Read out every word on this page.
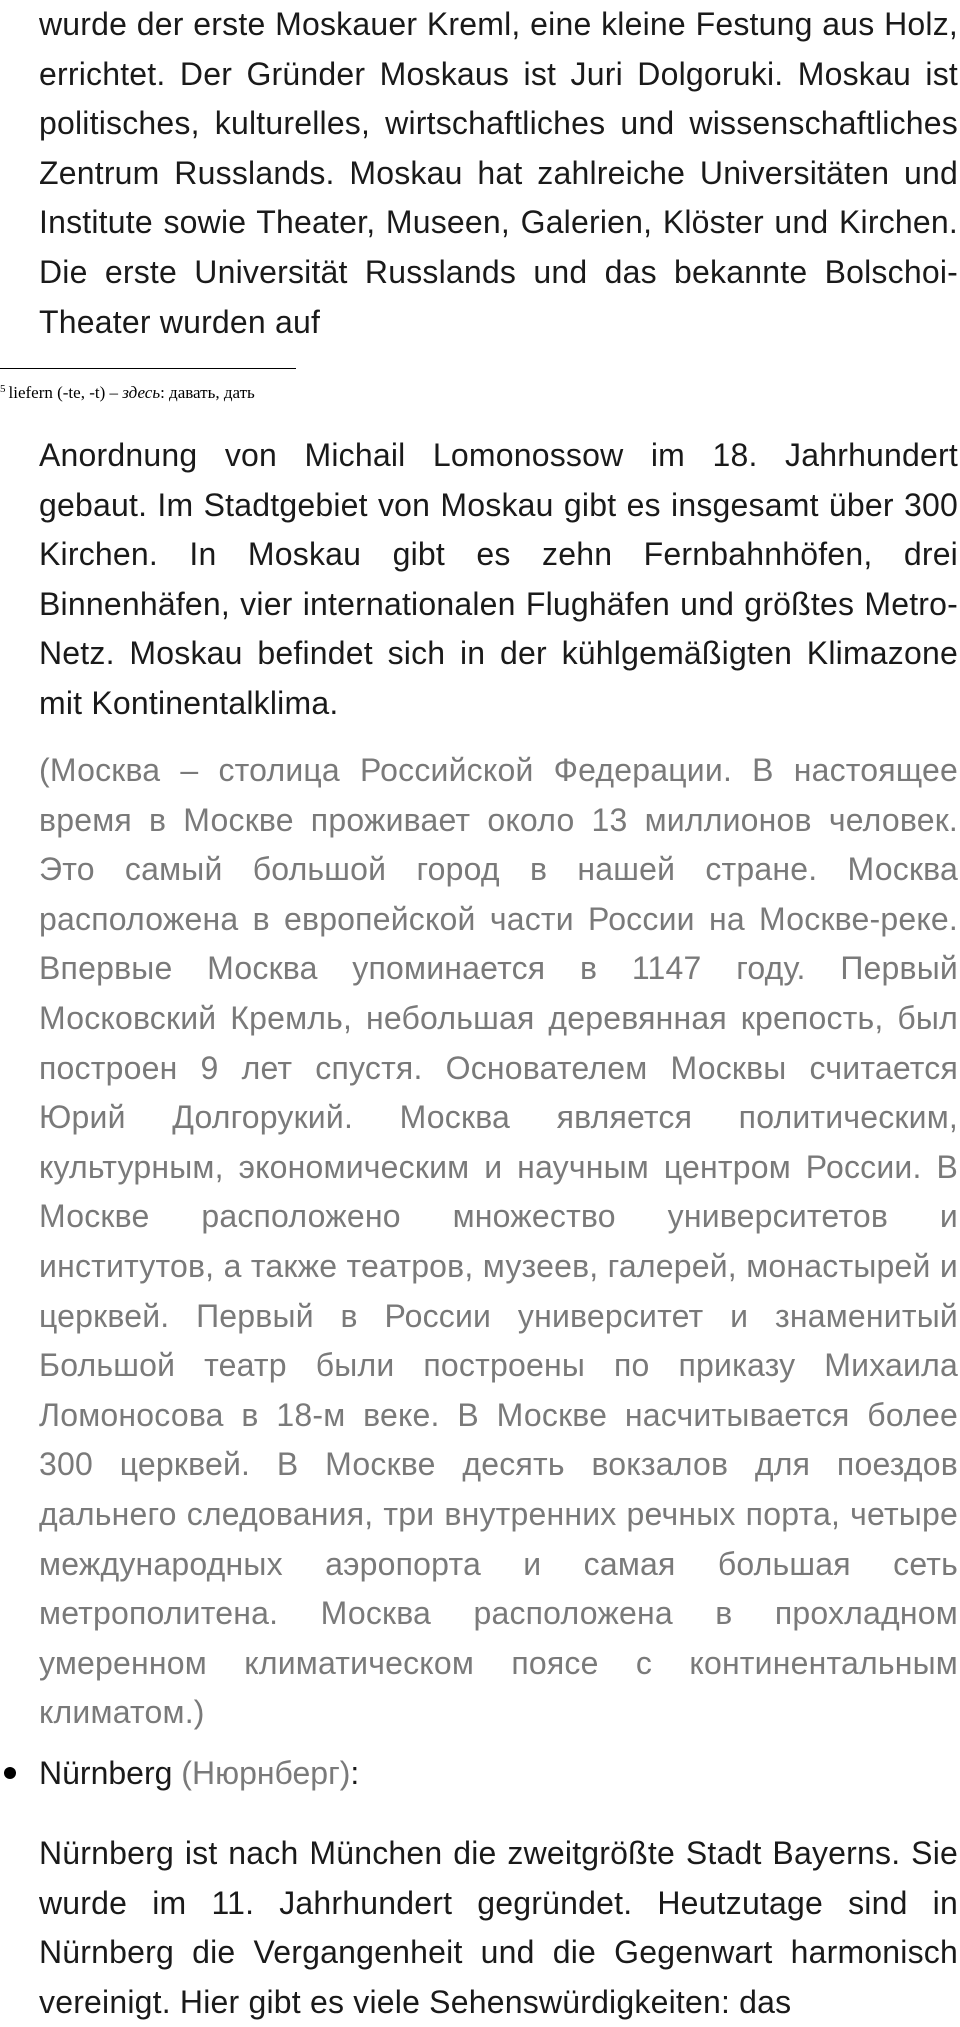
wurde der erste Moskauer Kreml, eine kleine Festung aus Holz, errichtet. Der Gründer Moskaus ist Juri Dolgoruki. Moskau ist politisches, kulturelles, wirtschaftliches und wissenschaftliches Zentrum Russlands. Moskau hat zahlreiche Universitäten und Institute sowie Theater, Museen, Galerien, Klöster und Kirchen. Die erste Universität Russlands und das bekannte Bolschoi-Theater wurden auf

$^5$ liefern (-te, -t) – здесь: давать, дать

Anordnung von Michail Lomonossow im 18. Jahrhundert gebaut. Im Stadtgebiet von Moskau gibt es insgesamt über 300 Kirchen. In Moskau gibt es zehn Fernbahnhöfen, drei Binnenhäfen, vier internationalen Flughäfen und größtes Metro-Netz. Moskau befindet sich in der kühlgemäßigten Klimazone mit Kontinentalklima.

(Москва – столица Российской Федерации. В настоящее время в Москве проживает около 13 миллионов человек. Это самый большой город в нашей стране. Москва расположена в европейской части России на Москве-реке. Впервые Москва упоминается в 1147 году. Первый Московский Кремль, небольшая деревянная крепость, был построен 9 лет спустя. Основателем Москвы считается Юрий Долгорукий. Москва является политическим, культурным, экономическим и научным центром России. В Москве расположено множество университетов и институтов, а также театров, музеев, галерей, монастырей и церквей. Первый в России университет и знаменитый Большой театр были построены по приказу Михаила Ломоносова в 18-м веке. В Москве насчитывается более 300 церквей. В Москве десять вокзалов для поездов дальнего следования, три внутренних речных порта, четыре международных аэропорта и самая большая сеть метрополитена. Москва расположена в прохладном умеренном климатическом поясе с континентальным климатом.)

Nürnberg (Нюрнберг):

Nürnberg ist nach München die zweitgrößte Stadt Bayerns. Sie wurde im 11. Jahrhundert gegründet. Heutzutage sind in Nürnberg die Vergangenheit und die Gegenwart harmonisch vereinigt. Hier gibt es viele Sehenswürdigkeiten: das
